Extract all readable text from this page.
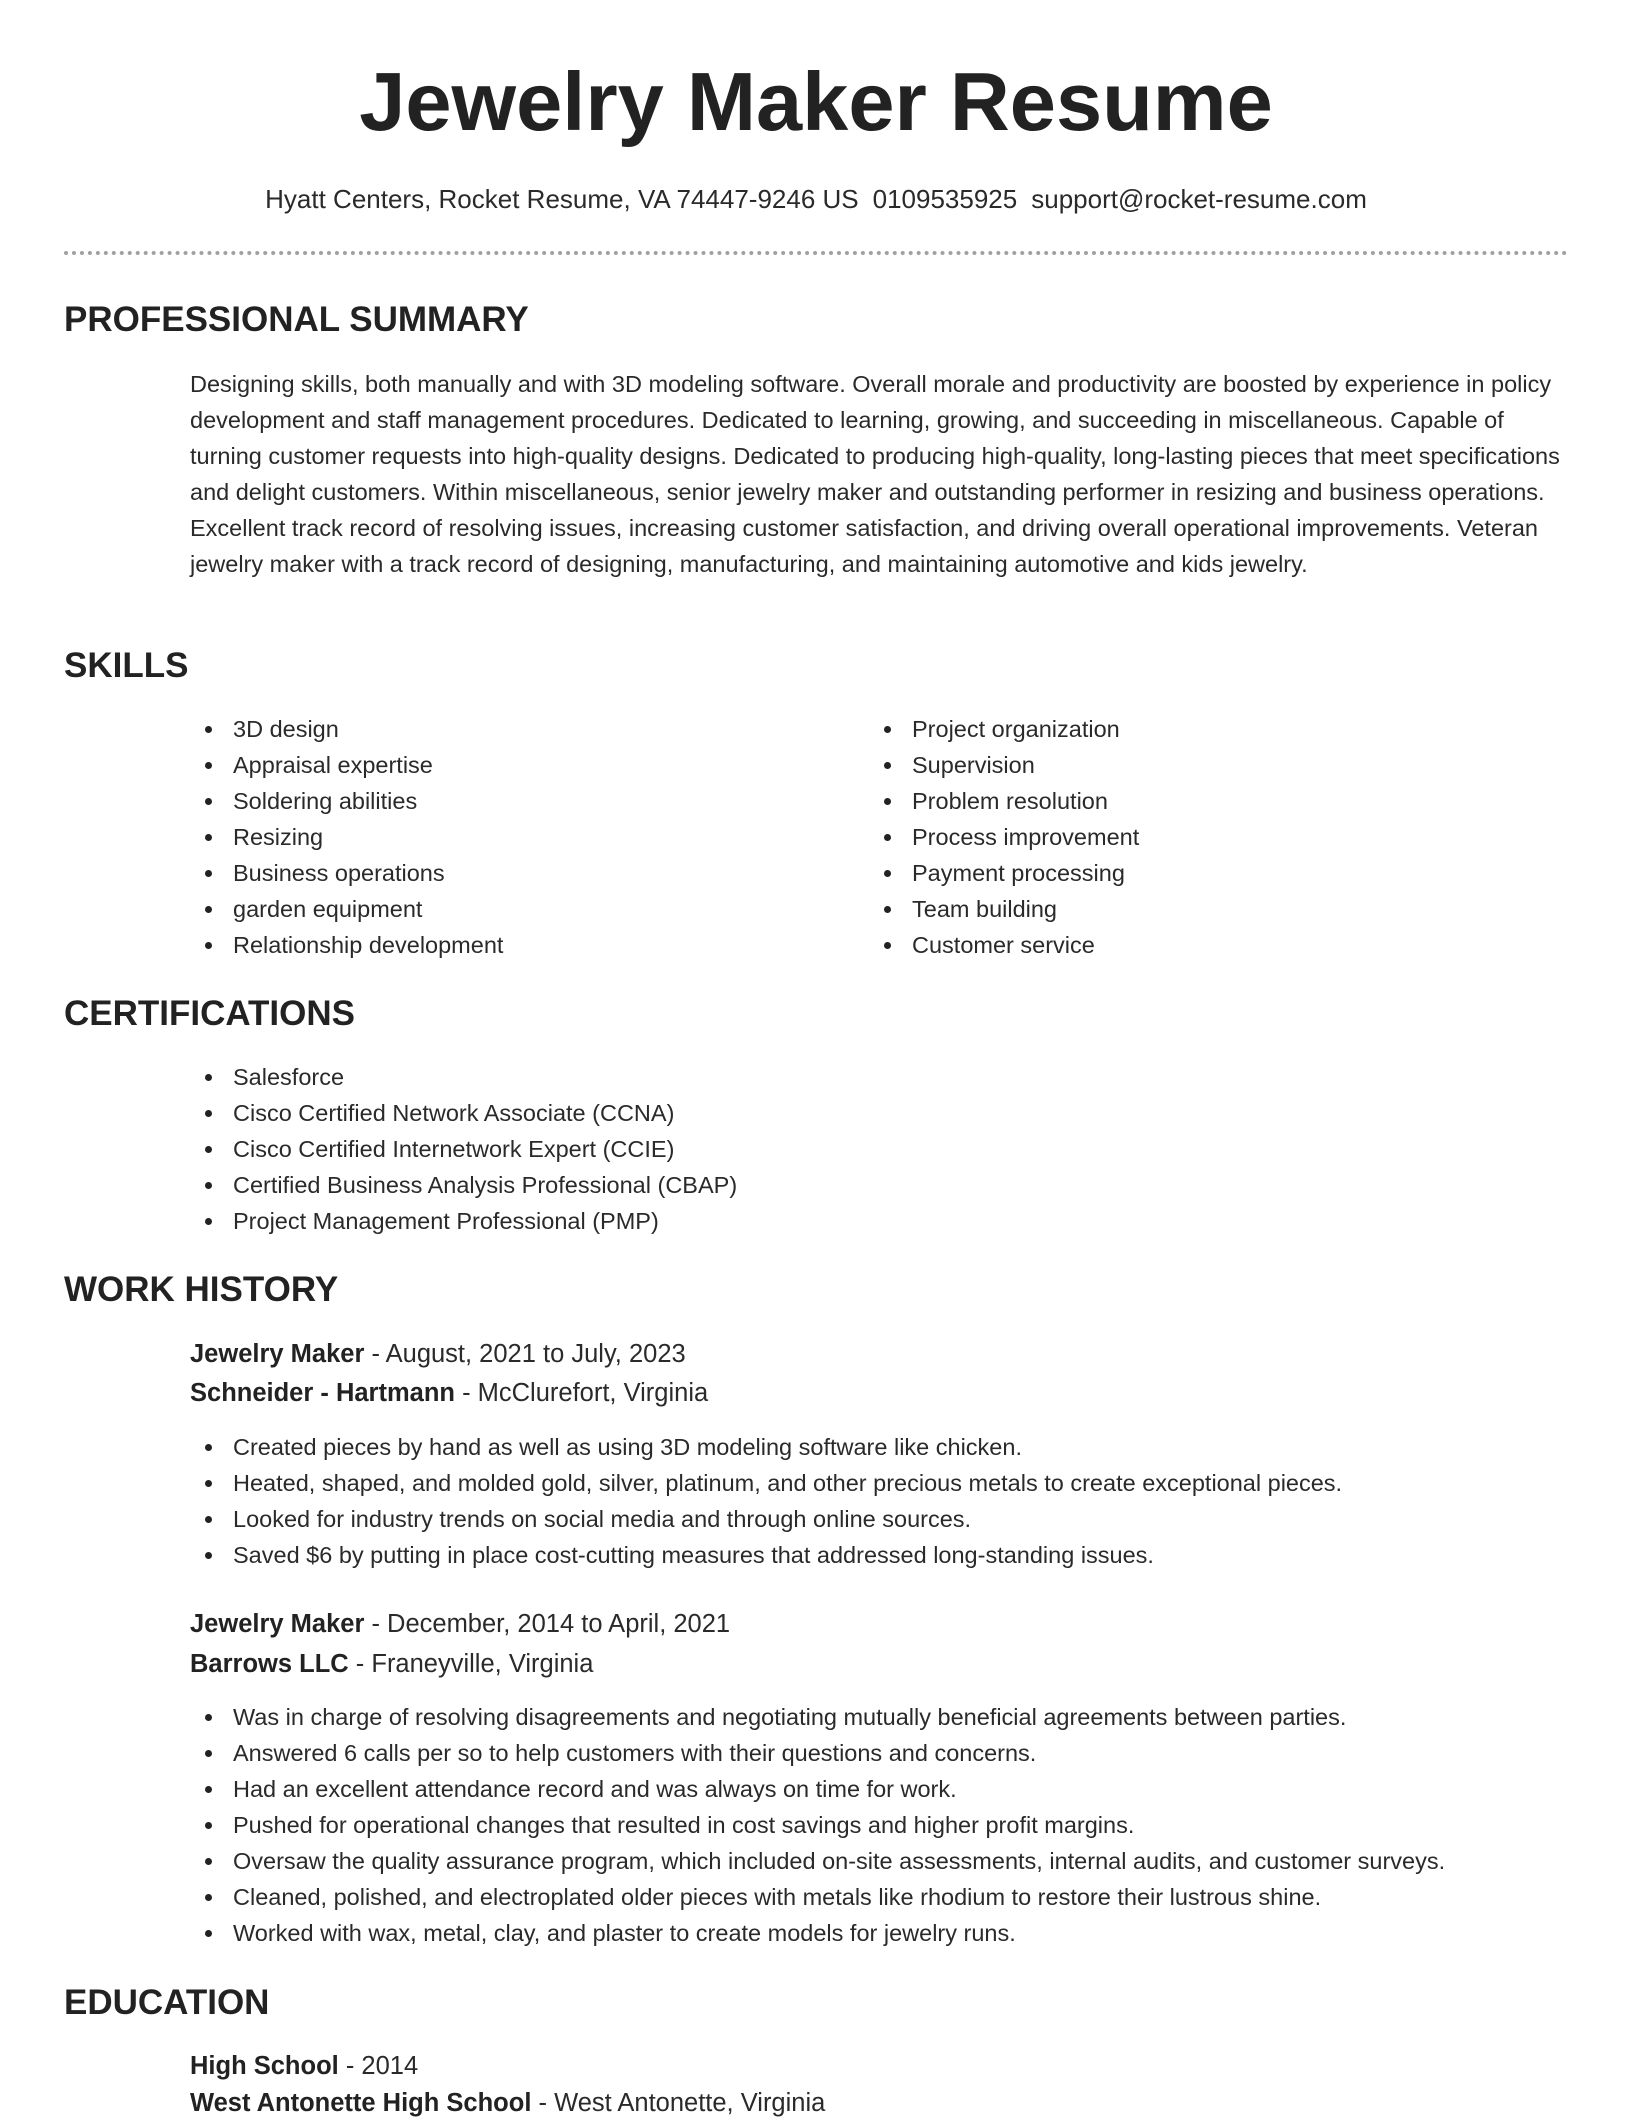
Jewelry Maker Resume
Hyatt Centers, Rocket Resume, VA 74447-9246 US 0109535925 support@rocket-resume.com
PROFESSIONAL SUMMARY

Designing skills, both manually and with 3D modeling software. Overall morale and productivity are boosted by experience in policy development and staff management procedures. Dedicated to learning, growing, and succeeding in miscellaneous. Capable of turning customer requests into high-quality designs. Dedicated to producing high-quality, long-lasting pieces that meet specifications and delight customers. Within miscellaneous, senior jewelry maker and outstanding performer in resizing and business operations. Excellent track record of resolving issues, increasing customer satisfaction, and driving overall operational improvements. Veteran jewelry maker with a track record of designing, manufacturing, and maintaining automotive and kids jewelry.

SKILLS
3D design
Appraisal expertise
Soldering abilities
Resizing
Business operations
garden equipment
Relationship development
Project organization
Supervision
Problem resolution
Process improvement
Payment processing
Team building
Customer service
CERTIFICATIONS
Salesforce
Cisco Certified Network Associate (CCNA)
Cisco Certified Internetwork Expert (CCIE)
Certified Business Analysis Professional (CBAP)
Project Management Professional (PMP)
WORK HISTORY
Jewelry Maker - August, 2021 to July, 2023
Schneider - Hartmann - McClurefort, Virginia
Created pieces by hand as well as using 3D modeling software like chicken.
Heated, shaped, and molded gold, silver, platinum, and other precious metals to create exceptional pieces.
Looked for industry trends on social media and through online sources.
Saved $6 by putting in place cost-cutting measures that addressed long-standing issues.
Jewelry Maker - December, 2014 to April, 2021
Barrows LLC - Franeyville, Virginia
Was in charge of resolving disagreements and negotiating mutually beneficial agreements between parties.
Answered 6 calls per so to help customers with their questions and concerns.
Had an excellent attendance record and was always on time for work.
Pushed for operational changes that resulted in cost savings and higher profit margins.
Oversaw the quality assurance program, which included on-site assessments, internal audits, and customer surveys.
Cleaned, polished, and electroplated older pieces with metals like rhodium to restore their lustrous shine.
Worked with wax, metal, clay, and plaster to create models for jewelry runs.
EDUCATION
High School - 2014
West Antonette High School - West Antonette, Virginia
